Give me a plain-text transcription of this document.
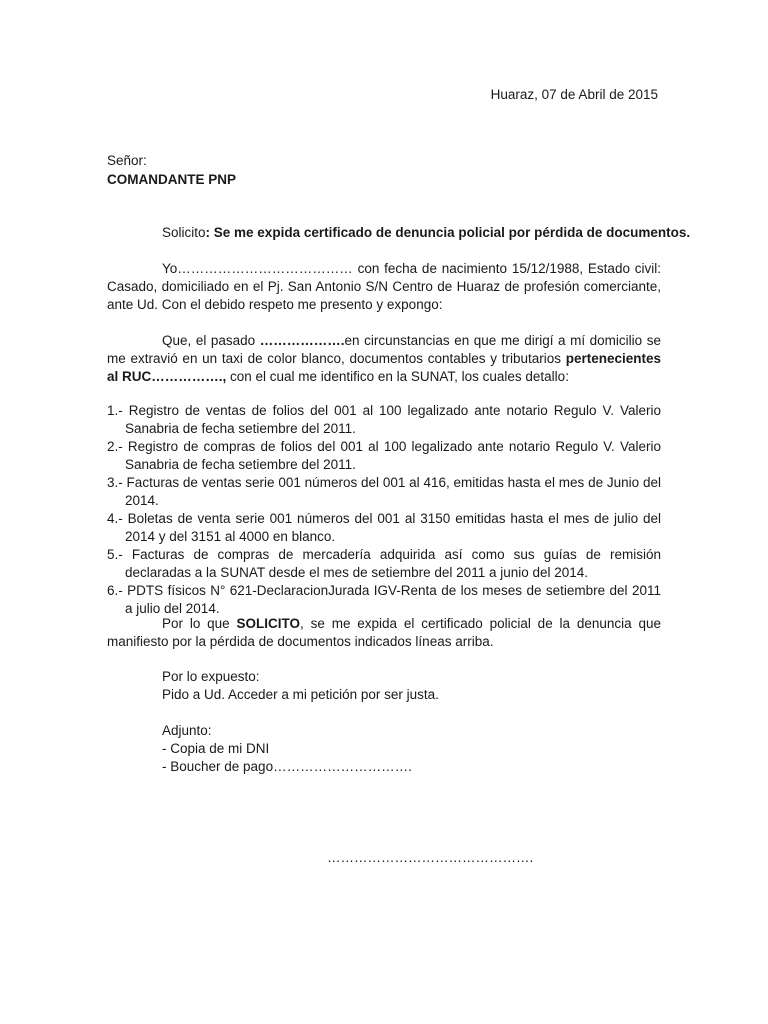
Huaraz, 07 de Abril de 2015
Señor:
COMANDANTE PNP
Solicito: Se me expida certificado de denuncia policial por pérdida de documentos.
Yo………………………………… con fecha de nacimiento 15/12/1988, Estado civil: Casado, domiciliado en el Pj. San Antonio S/N Centro de Huaraz de profesión comerciante, ante Ud. Con el debido respeto me presento y expongo:
Que, el pasado ……………….en circunstancias en que me dirigí a mí domicilio se me extravió en un taxi de color blanco, documentos contables y tributarios pertenecientes al RUC……………., con el cual me identifico en la SUNAT, los cuales detallo:
1.- Registro de ventas de folios del 001 al 100 legalizado ante notario Regulo V. Valerio Sanabria de fecha setiembre del 2011.
2.- Registro de compras de folios del 001 al 100 legalizado ante notario Regulo V. Valerio Sanabria de fecha setiembre del 2011.
3.- Facturas de ventas serie 001 números del 001 al 416, emitidas hasta el mes de Junio del 2014.
4.- Boletas de venta serie 001 números del 001 al 3150 emitidas hasta el mes de julio del 2014 y del 3151 al 4000 en blanco.
5.- Facturas de compras de mercadería adquirida así como sus guías de remisión declaradas a la SUNAT desde el mes de setiembre del 2011 a junio del 2014.
6.- PDTS físicos N° 621-DeclaracionJurada IGV-Renta de los meses de setiembre del 2011 a julio del 2014.
Por lo que SOLICITO, se me expida el certificado policial de la denuncia que manifiesto por la pérdida de documentos indicados líneas arriba.
Por lo expuesto:
Pido a Ud. Acceder a mi petición por ser justa.
Adjunto:
- Copia de mi DNI
- Boucher de pago………………………….
……………………………………….
